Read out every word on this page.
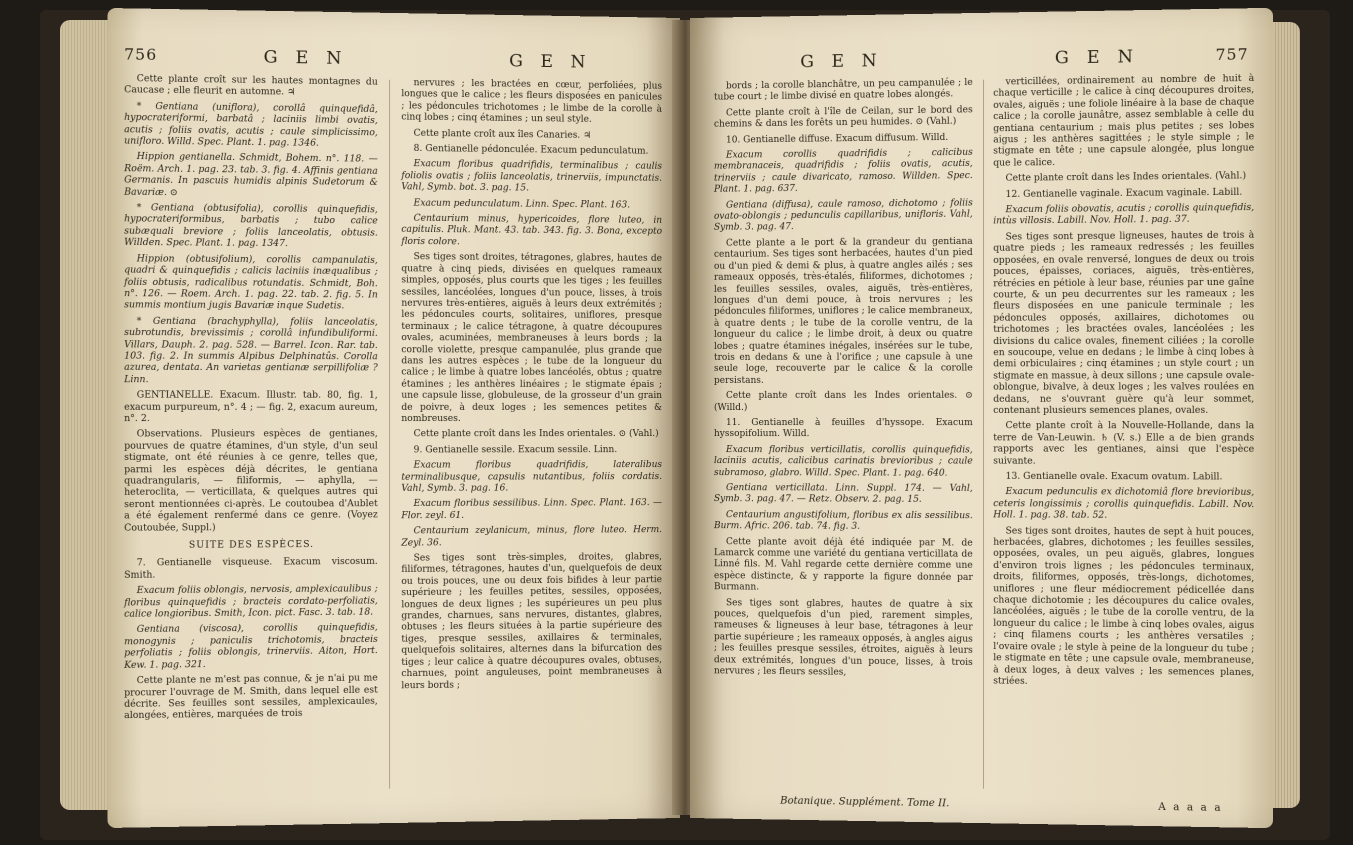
756	G E N	G E N

Cette plante croît sur les hautes montagnes du Caucase ; elle fleurit en automne. ♃

* Gentiana (uniflora), corollâ quinquefidâ, hypocrateriformi, barbatâ ; laciniis limbi ovatis, acutis ; foliis ovatis, acutis ; caule simplicissimo, unifloro. Willd. Spec. Plant. 1. pag. 1346.

Hippion gentianella. Schmidt, Bohem. n°. 118. — Roëm. Arch. 1. pag. 23. tab. 3. fig. 4. Affinis gentiana Germanis. In pascuis humidis alpinis Sudetorum & Bavariæ. ⊙

* Gentiana (obtusifolia), corollis quinquefidis, hypocrateriformibus, barbatis ; tubo calice subæquali breviore ; foliis lanceolatis, obtusis. Willden. Spec. Plant. 1. pag. 1347.

Hippion (obtusifolium), corollis campanulatis, quadri & quinquefidis ; calicis laciniis inæqualibus ; foliis obtusis, radicalibus rotundatis. Schmidt, Boh. n°. 126. — Roem. Arch. 1. pag. 22. tab. 2. fig. 5. In summis montium jugis Bavariæ inque Sudetis.

* Gentiana (brachyphylla), foliis lanceolatis, subrotundis, brevissimis ; corollâ infundibuliformi. Villars, Dauph. 2. pag. 528. — Barrel. Icon. Rar. tab. 103. fig. 2. In summis Alpibus Delphinatûs. Corolla azurea, dentata. An varietas gentianæ serpillifoliæ ? Linn.

GENTIANELLE. Exacum. Illustr. tab. 80, fig. 1, exacum purpureum, n°. 4 ; — fig. 2, exacum aureum, n°. 2.

Observations. Plusieurs espèces de gentianes, pourvues de quatre étamines, d'un style, d'un seul stigmate, ont été réunies à ce genre, telles que, parmi les espèces déjà décrites, le gentiana quadrangularis, — filiformis, — aphylla, — heteroclita, — verticillata, & quelques autres qui seront mentionnées ci-après. Le coutoubea d'Aublet a été également renfermé dans ce genre. (Voyez Coutoubée, Suppl.)

SUITE DES ESPÈCES.

7. Gentianelle visqueuse. Exacum viscosum. Smith.

Exacum foliis oblongis, nervosis, amplexicaulibus ; floribus quinquefidis ; bracteis cordato-perfoliatis, calice longioribus. Smith, Icon. pict. Fasc. 3. tab. 18.

Gentiana (viscosa), corollis quinquefidis, monogynis ; paniculis trichotomis, bracteis perfoliatis ; foliis oblongis, trinerviis. Aiton, Hort. Kew. 1. pag. 321.

Cette plante ne m'est pas connue, & je n'ai pu me procurer l'ouvrage de M. Smith, dans lequel elle est décrite. Ses feuilles sont sessiles, amplexicaules, alongées, entières, marquées de trois

nervures ; les bractées en cœur, perfoliées, plus longues que le calice ; les fleurs disposées en panicules ; les pédoncules trichotomes ; le limbe de la corolle à cinq lobes ; cinq étamines ; un seul style.

Cette plante croît aux îles Canaries. ♃

8. Gentianelle pédonculée. Exacum pedunculatum.

Exacum floribus quadrifidis, terminalibus ; caulis foliolis ovatis ; foliis lanceolatis, trinerviis, impunctatis. Vahl, Symb. bot. 3. pag. 15.

Exacum pedunculatum. Linn. Spec. Plant. 163.

Centaurium minus, hypericoides, flore luteo, in capitulis. Pluk. Mant. 43. tab. 343. fig. 3. Bona, excepto floris colore.

Ses tiges sont droites, tétragones, glabres, hautes de quatre à cinq pieds, divisées en quelques rameaux simples, opposés, plus courts que les tiges ; les feuilles sessiles, lancéolées, longues d'un pouce, lisses, à trois nervures très-entières, aiguës à leurs deux extrémités ; les pédoncules courts, solitaires, uniflores, presque terminaux ; le calice tétragone, à quatre découpures ovales, acuminées, membraneuses à leurs bords ; la corolle violette, presque campanulée, plus grande que dans les autres espèces ; le tube de la longueur du calice ; le limbe à quatre lobes lancéolés, obtus ; quatre étamines ; les anthères linéaires ; le stigmate épais ; une capsule lisse, globuleuse, de la grosseur d'un grain de poivre, à deux loges ; les semences petites & nombreuses.

Cette plante croît dans les Indes orientales. ⊙ (Vahl.)

9. Gentianelle sessile. Exacum sessile. Linn.

Exacum floribus quadrifidis, lateralibus terminalibusque, capsulis nutantibus, foliis cordatis. Vahl, Symb. 3. pag. 16.

Exacum floribus sessilibus. Linn. Spec. Plant. 163. — Flor. zeyl. 61.

Centaurium zeylanicum, minus, flore luteo. Herm. Zeyl. 36.

Ses tiges sont très-simples, droites, glabres, filiformes, tétragones, hautes d'un, quelquefois de deux ou trois pouces, une ou deux fois bifides à leur partie supérieure ; les feuilles petites, sessiles, opposées, longues de deux lignes ; les supérieures un peu plus grandes, charnues, sans nervures, distantes, glabres, obtuses ; les fleurs situées à la partie supérieure des tiges, presque sessiles, axillaires & terminales, quelquefois solitaires, alternes dans la bifurcation des tiges ; leur calice à quatre découpures ovales, obtuses, charnues, point anguleuses, point membraneuses à leurs bords ;

G E N	G E N	757

bords ; la corolle blanchâtre, un peu campanulée ; le tube court ; le limbe divisé en quatre lobes alongés.

Cette plante croît à l'île de Ceilan, sur le bord des chemins & dans les forêts un peu humides. ⊙ (Vahl.)

10. Gentianelle diffuse. Exacum diffusum. Willd.

Exacum corollis quadrifidis ; calicibus membranaceis, quadrifidis ; foliis ovatis, acutis, trinerviis ; caule divaricato, ramoso. Willden. Spec. Plant. 1. pag. 637.

Gentiana (diffusa), caule ramoso, dichotomo ; foliis ovato-oblongis ; pedunculis capillaribus, unifloris. Vahl, Symb. 3. pag. 47.

Cette plante a le port & la grandeur du gentiana centaurium. Ses tiges sont herbacées, hautes d'un pied ou d'un pied & demi & plus, à quatre angles ailés ; ses rameaux opposés, très-étalés, filiformes, dichotomes ; les feuilles sessiles, ovales, aiguës, très-entières, longues d'un demi pouce, à trois nervures ; les pédoncules filiformes, uniflores ; le calice membraneux, à quatre dents ; le tube de la corolle ventru, de la longueur du calice ; le limbe droit, à deux ou quatre lobes ; quatre étamines inégales, insérées sur le tube, trois en dedans & une à l'orifice ; une capsule à une seule loge, recouverte par le calice & la corolle persistans.

Cette plante croît dans les Indes orientales. ⊙ (Willd.)

11. Gentianelle à feuilles d'hyssope. Exacum hyssopifolium. Willd.

Exacum floribus verticillatis, corollis quinquefidis, laciniis acutis, calicibus carinatis brevioribus ; caule subramoso, glabro. Willd. Spec. Plant. 1. pag. 640.

Gentiana verticillata. Linn. Suppl. 174. — Vahl, Symb. 3. pag. 47. — Retz. Observ. 2. pag. 15.

Centaurium angustifolium, floribus ex alis sessilibus. Burm. Afric. 206. tab. 74. fig. 3.

Cette plante avoit déjà été indiquée par M. de Lamarck comme une variété du gentiana verticillata de Linné fils. M. Vahl regarde cette dernière comme une espèce distincte, & y rapporte la figure donnée par Burmann.

Ses tiges sont glabres, hautes de quatre à six pouces, quelquefois d'un pied, rarement simples, rameuses & ligneuses à leur base, tétragones à leur partie supérieure ; les rameaux opposés, à angles aigus ; les feuilles presque sessiles, étroites, aiguës à leurs deux extrémités, longues d'un pouce, lisses, à trois nervures ; les fleurs sessiles,

verticillées, ordinairement au nombre de huit à chaque verticille ; le calice à cinq découpures droites, ovales, aiguës ; une foliole linéaire à la base de chaque calice ; la corolle jaunâtre, assez semblable à celle du gentiana centaurium ; mais plus petites ; ses lobes aigus ; les anthères sagittées ; le style simple ; le stigmate en tête ; une capsule alongée, plus longue que le calice.

Cette plante croît dans les Indes orientales. (Vahl.)

12. Gentianelle vaginale. Exacum vaginale. Labill.

Exacum foliis obovatis, acutis ; corollis quinquefidis, intùs villosis. Labill. Nov. Holl. 1. pag. 37.

Ses tiges sont presque ligneuses, hautes de trois à quatre pieds ; les rameaux redressés ; les feuilles opposées, en ovale renversé, longues de deux ou trois pouces, épaisses, coriaces, aiguës, très-entières, rétrécies en pétiole à leur base, réunies par une gaîne courte, & un peu decurrentes sur les rameaux ; les fleurs disposées en une panicule terminale ; les pédoncules opposés, axillaires, dichotomes ou trichotomes ; les bractées ovales, lancéolées ; les divisions du calice ovales, finement ciliées ; la corolle en soucoupe, velue en dedans ; le limbe à cinq lobes à demi orbiculaires ; cinq étamines ; un style court ; un stigmate en massue, à deux sillons ; une capsule ovale-oblongue, bivalve, à deux loges ; les valves roulées en dedans, ne s'ouvrant guère qu'à leur sommet, contenant plusieurs semences planes, ovales.

Cette plante croît à la Nouvelle-Hollande, dans la terre de Van-Leuwin. ♄ (V. s.) Elle a de bien grands rapports avec les gentianes, ainsi que l'espèce suivante.

13. Gentianelle ovale. Exacum ovatum. Labill.

Exacum pedunculis ex dichotomiâ flore brevioribus, ceteris longissimis ; corollis quinquefidis. Labill. Nov. Holl. 1. pag. 38. tab. 52.

Ses tiges sont droites, hautes de sept à huit pouces, herbacées, glabres, dichotomes ; les feuilles sessiles, opposées, ovales, un peu aiguës, glabres, longues d'environ trois lignes ; les pédoncules terminaux, droits, filiformes, opposés, très-longs, dichotomes, uniflores ; une fleur médiocrement pédicellée dans chaque dichotomie ; les découpures du calice ovales, lancéolées, aiguës ; le tube de la corolle ventru, de la longueur du calice ; le limbe à cinq lobes ovales, aigus ; cinq filamens courts ; les anthères versatiles ; l'ovaire ovale ; le style à peine de la longueur du tube ; le stigmate en tête ; une capsule ovale, membraneuse, à deux loges, à deux valves ; les semences planes, striées.

Botanique. Supplément. Tome II.	A a a a a
